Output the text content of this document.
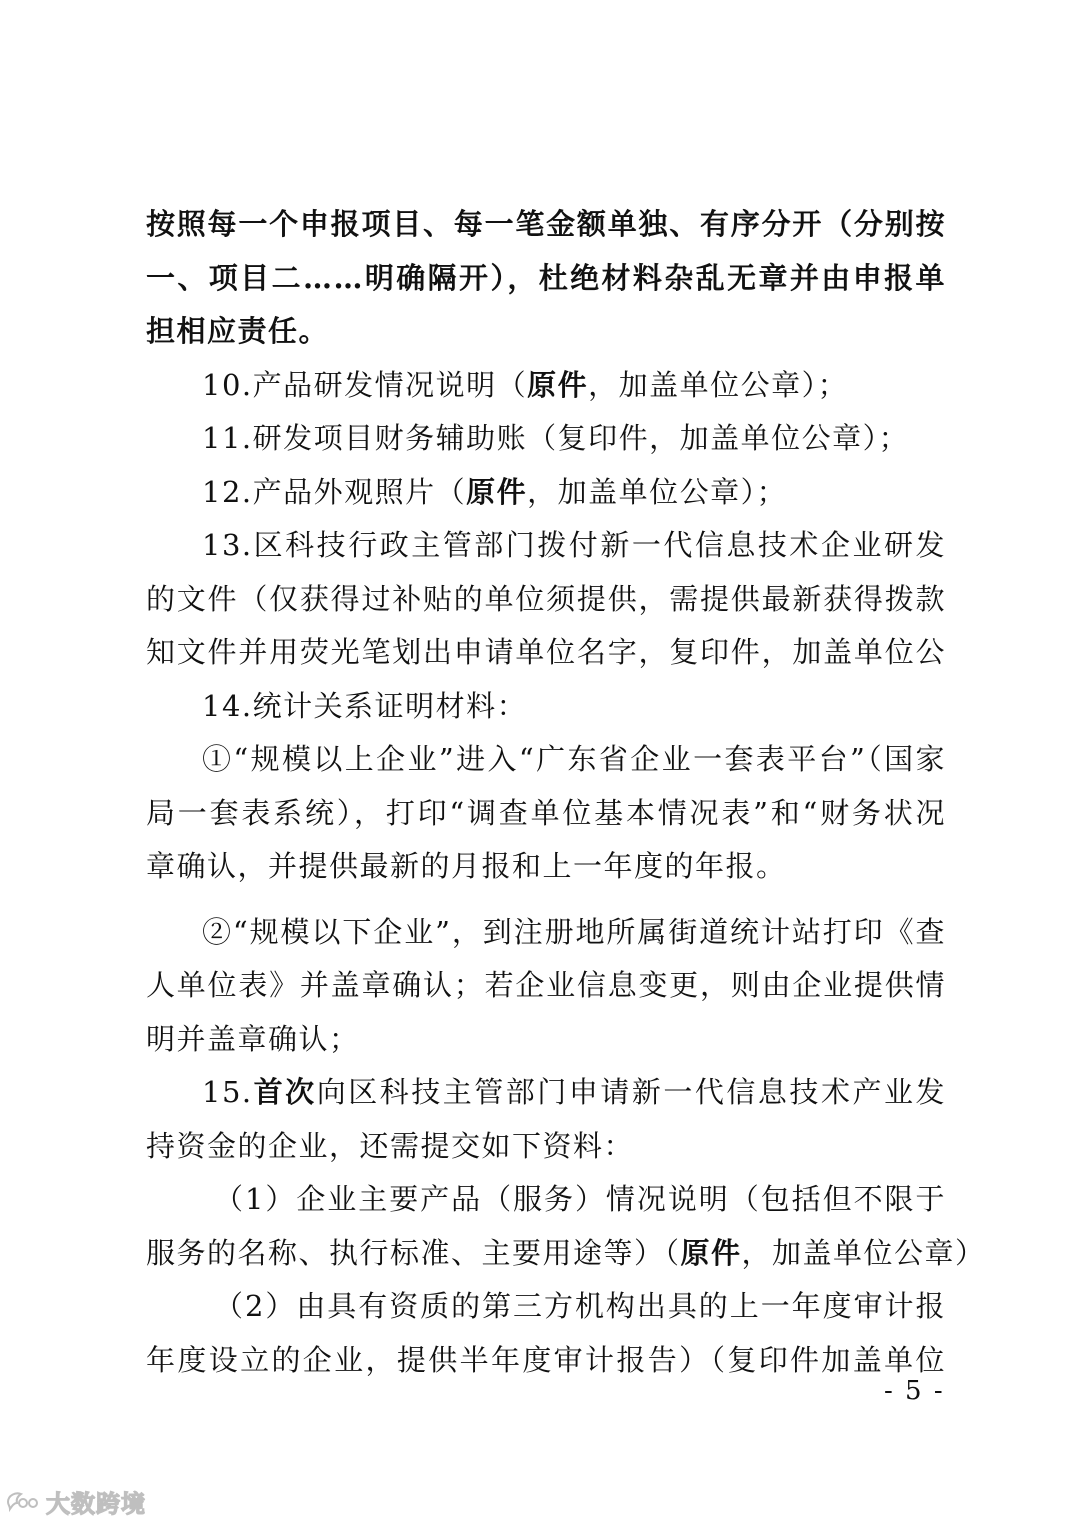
按照每一个申报项目、每一笔金额单独、有序分开（分别按
一、项目二……明确隔开），杜绝材料杂乱无章并由申报单
担相应责任。
10.产品研发情况说明（原件，加盖单位公章）；
11.研发项目财务辅助账（复印件，加盖单位公章）；
12.产品外观照片（原件，加盖单位公章）；
13.区科技行政主管部门拨付新一代信息技术企业研发
的文件（仅获得过补贴的单位须提供，需提供最新获得拨款
知文件并用荧光笔划出申请单位名字，复印件，加盖单位公
14.统计关系证明材料：
①“规模以上企业”进入“广东省企业一套表平台”（国家
局一套表系统），打印“调查单位基本情况表”和“财务状况
章确认，并提供最新的月报和上一年度的年报。
②“规模以下企业”，到注册地所属街道统计站打印《查
人单位表》并盖章确认；若企业信息变更，则由企业提供情
明并盖章确认；
15.首次向区科技主管部门申请新一代信息技术产业发
持资金的企业，还需提交如下资料：
（1）企业主要产品（服务）情况说明（包括但不限于
服务的名称、执行标准、主要用途等）（原件，加盖单位公章）
（2）由具有资质的第三方机构出具的上一年度审计报
年度设立的企业，提供半年度审计报告）（复印件加盖单位
- 5 -
大数跨境
